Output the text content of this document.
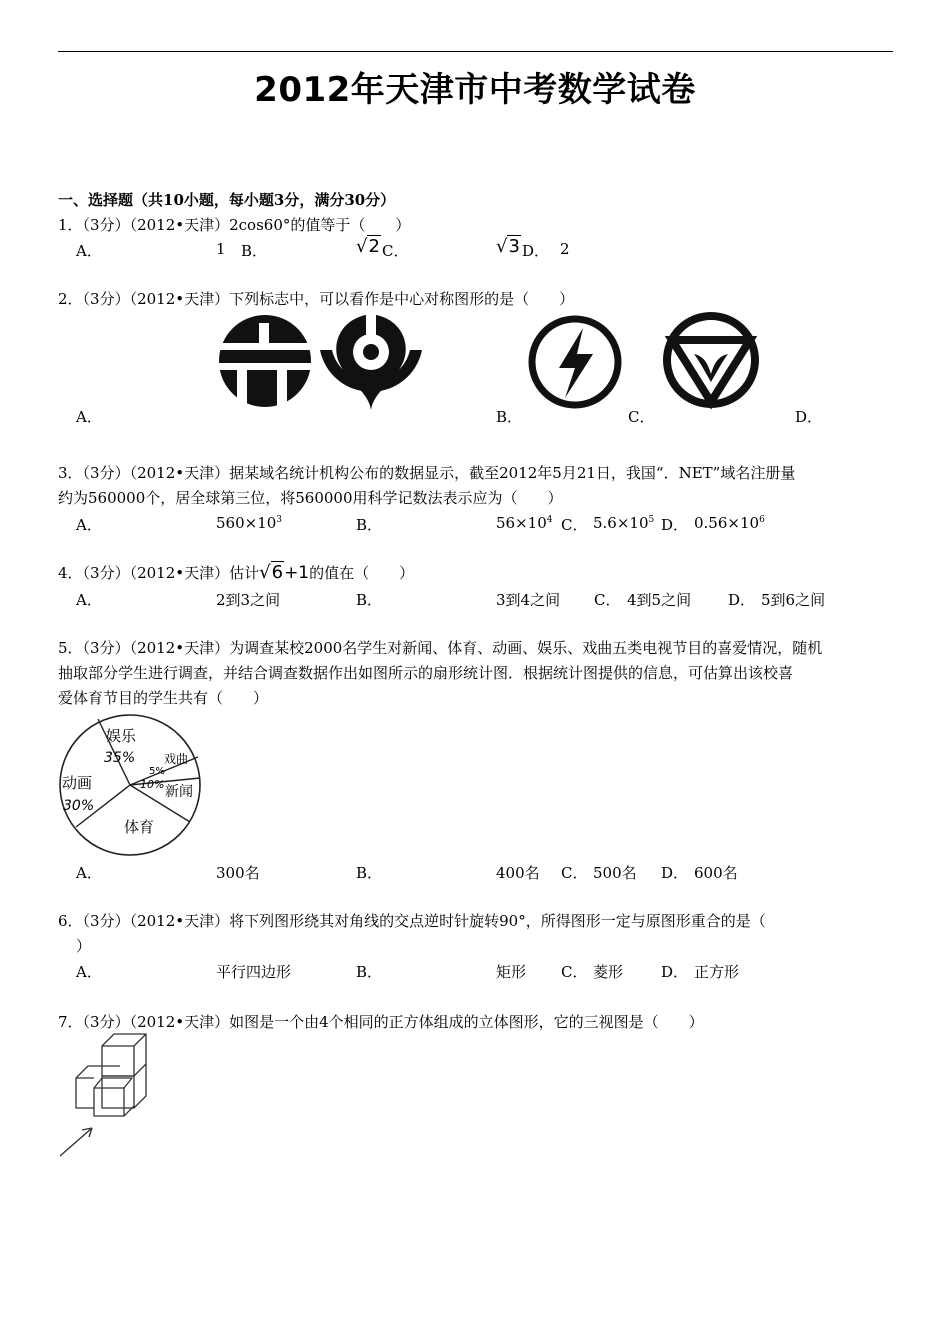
2012年天津市中考数学试卷
一、选择题（共10小题，每小题3分，满分30分）
1．（3分）（2012•天津）2cos60°的值等于（　　）
A．	1 B．	√2 C．	√3 D． 2
2．（3分）（2012•天津）下列标志中，可以看作是中心对称图形的是（　　）
A．	B．	C．	D．
3．（3分）（2012•天津）据某域名统计机构公布的数据显示，截至2012年5月21日，我国“．NET”域名注册量
约为560000个，居全球第三位，将560000用科学记数法表示应为（　　）
A．	$560\times 10^3$	B．	$56\times 10^4$ C． $5.6\times 10^5$ D． $0.56\times 10^6$
4．（3分）（2012•天津）估计√6+1的值在（　　）
A．	2到3之间	B．	3到4之间 C． 4到5之间 D． 5到6之间
5．（3分）（2012•天津）为调查某校2000名学生对新闻、体育、动画、娱乐、戏曲五类电视节目的喜爱情况，随机
抽取部分学生进行调查，并结合调查数据作出如图所示的扇形统计图．根据统计图提供的信息，可估算出该校喜
爱体育节目的学生共有（　　）
娱乐
35% 戏曲
5%
10% 新闻
动画
30%
体育
A．	300名	B．	400名 C． 500名 D． 600名
6．（3分）（2012•天津）将下列图形绕其对角线的交点逆时针旋转90°，所得图形一定与原图形重合的是（
）
A．	平行四边形	B．	矩形 C． 菱形	D． 正方形
7．（3分）（2012•天津）如图是一个由4个相同的正方体组成的立体图形，它的三视图是（　　）
